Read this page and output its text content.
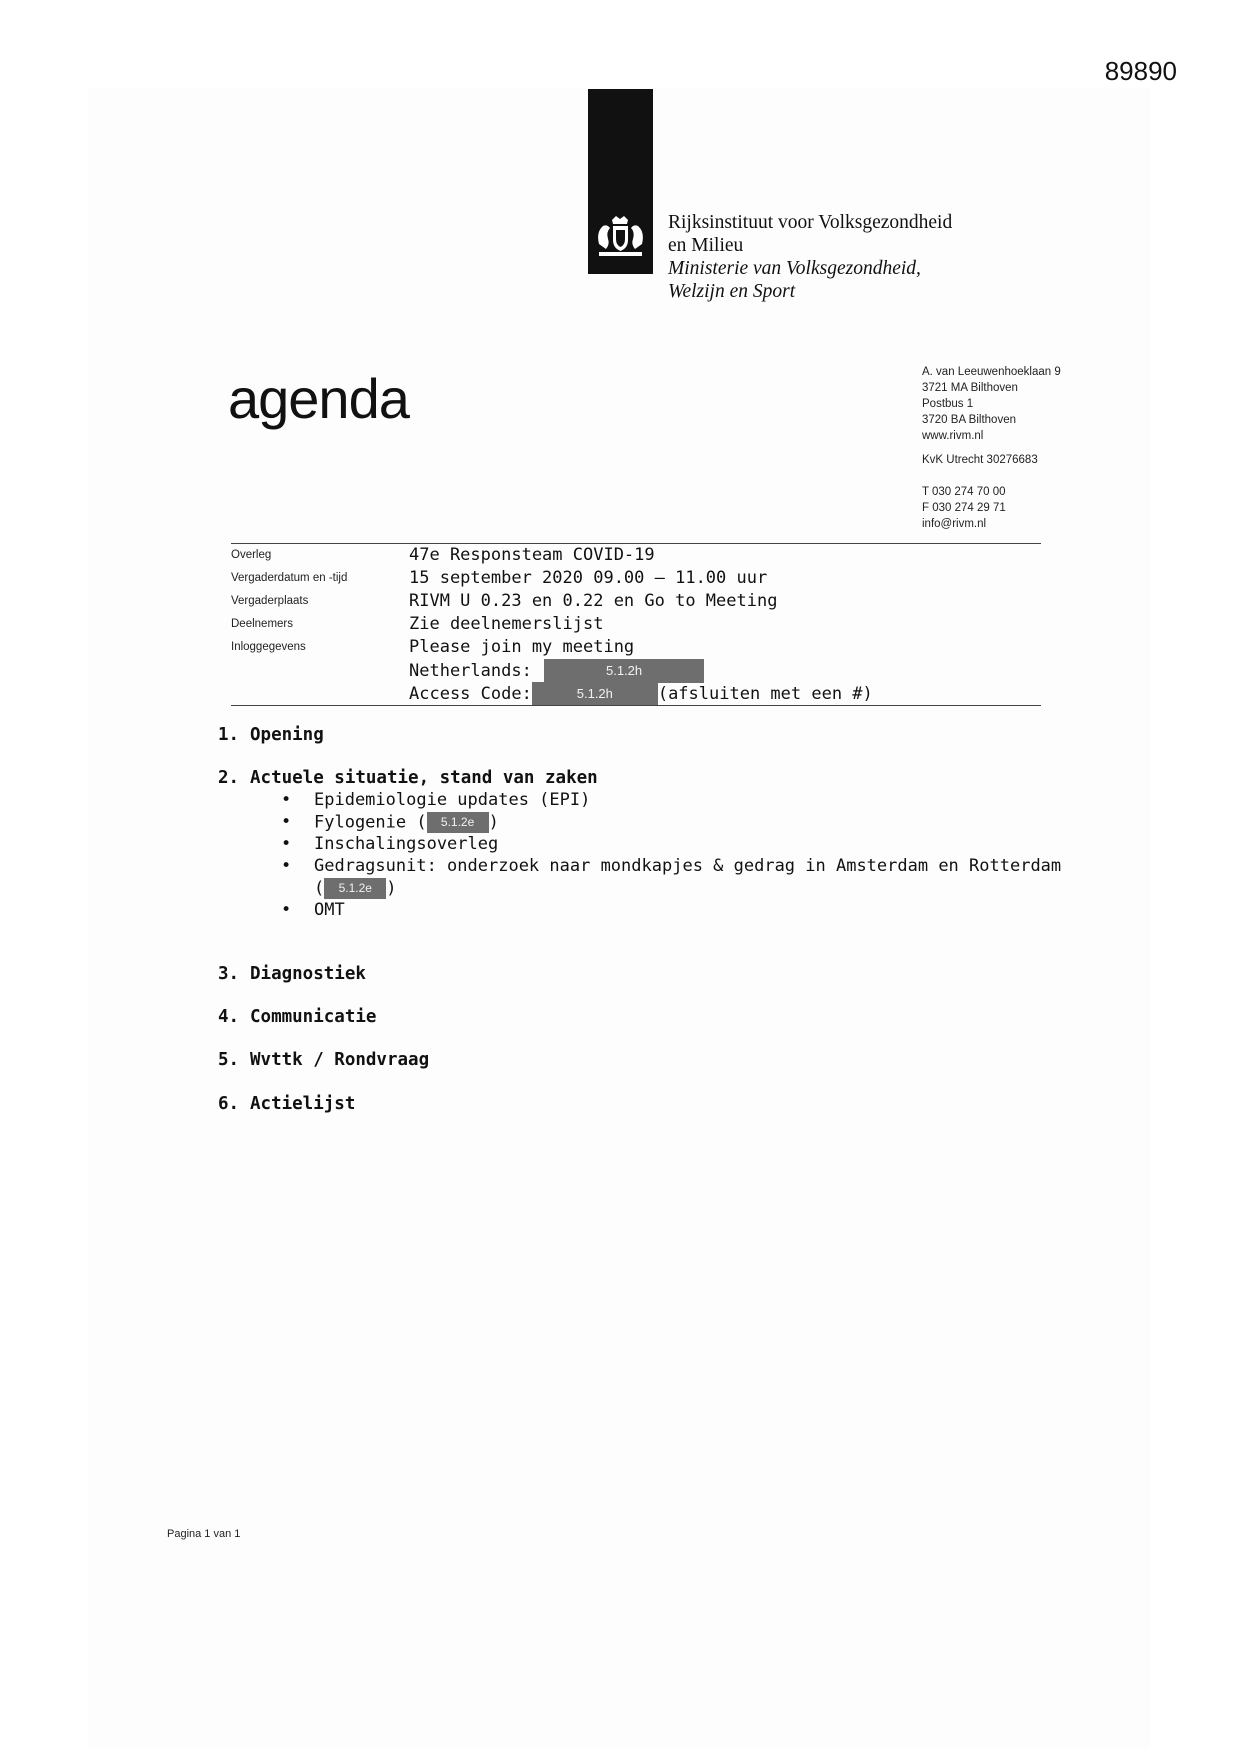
89890
Rijksinstituut voor Volksgezondheid
en Milieu
Ministerie van Volksgezondheid,
Welzijn en Sport
agenda	A. van Leeuwenhoeklaan 9
3721 MA Bilthoven
Postbus 1
3720 BA Bilthoven
www.rivm.nl
KvK Utrecht 30276683
T 030 274 70 00
F 030 274 29 71
info@rivm.nl
Overleg	47e Responsteam COVID-19
Vergaderdatum en -tijd	15 september 2020 09.00 – 11.00 uur
Vergaderplaats	RIVM U 0.23 en 0.22 en Go to Meeting
Deelnemers	Zie deelnemerslijst
Inloggegevens	Please join my meeting
Netherlands:	5.1.2h
Access Code:	5.1.2h	(afsluiten met een #)
1. Opening
2. Actuele situatie, stand van zaken
• Epidemiologie updates (EPI)
• Fylogenie ( 5.1.2e )
• Inschalingsoverleg
• Gedragsunit: onderzoek naar mondkapjes & gedrag in Amsterdam en Rotterdam
( 5.1.2e )
• OMT
3. Diagnostiek
4. Communicatie
5. Wvttk / Rondvraag
6. Actielijst
Pagina 1 van 1
